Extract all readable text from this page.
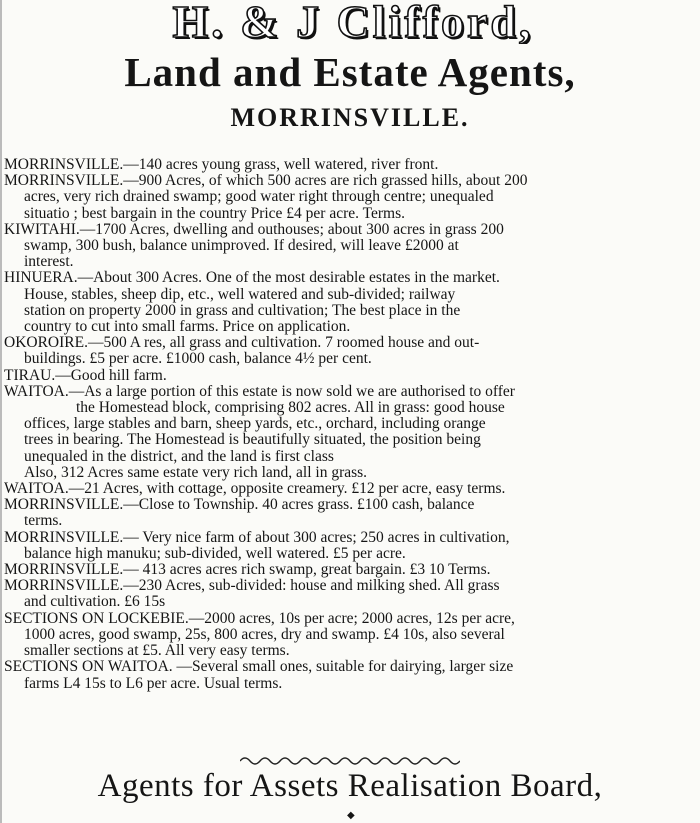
H. & J Clifford,
Land and Estate Agents,
MORRINSVILLE.
MORRINSVILLE.—140 acres young grass, well watered, river front.
MORRINSVILLE.—900 Acres, of which 500 acres are rich grassed hills, about 200
acres, very rich drained swamp; good water right through centre; unequaled
situatio ; best bargain in the country Price £4 per acre. Terms.
KIWITAHI.—1700 Acres, dwelling and outhouses; about 300 acres in grass 200
swamp, 300 bush, balance unimproved. If desired, will leave £2000 at
interest.
HINUERA.—About 300 Acres. One of the most desirable estates in the market.
House, stables, sheep dip, etc., well watered and sub-divided; railway
station on property 2000 in grass and cultivation; The best place in the
country to cut into small farms. Price on application.
OKOROIRE.—500 A res, all grass and cultivation. 7 roomed house and out-
buildings. £5 per acre. £1000 cash, balance 4½ per cent.
TIRAU.—Good hill farm.
WAITOA.—As a large portion of this estate is now sold we are authorised to offer
the Homestead block, comprising 802 acres. All in grass: good house
offices, large stables and barn, sheep yards, etc., orchard, including orange
trees in bearing. The Homestead is beautifully situated, the position being
unequaled in the district, and the land is first class
Also, 312 Acres same estate very rich land, all in grass.
WAITOA.—21 Acres, with cottage, opposite creamery. £12 per acre, easy terms.
MORRINSVILLE.—Close to Township. 40 acres grass. £100 cash, balance
terms.
MORRINSVILLE.— Very nice farm of about 300 acres; 250 acres in cultivation,
balance high manuku; sub-divided, well watered. £5 per acre.
MORRINSVILLE.— 413 acres acres rich swamp, great bargain. £3 10 Terms.
MORRINSVILLE.—230 Acres, sub-divided: house and milking shed. All grass
and cultivation. £6 15s
SECTIONS ON LOCKEBIE.—2000 acres, 10s per acre; 2000 acres, 12s per acre,
1000 acres, good swamp, 25s, 800 acres, dry and swamp. £4 10s, also several
smaller sections at £5. All very easy terms.
SECTIONS ON WAITOA. —Several small ones, suitable for dairying, larger size
farms L4 15s to L6 per acre. Usual terms.
Agents for Assets Realisation Board,
◆
